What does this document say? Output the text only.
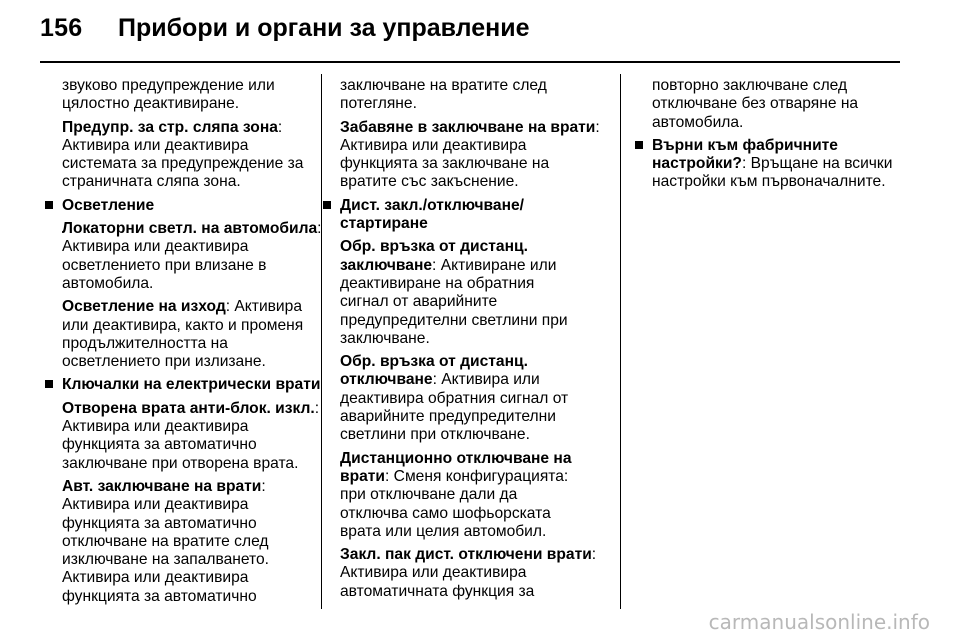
156 Прибори и органи за управление
звуково предупреждение или
цялостно деактивиране.
Предупр. за стр. сляпа зона:
Активира или деактивира
системата за предупреждение за
страничната сляпа зона.
Осветление
Локаторни светл. на автомобила:
Активира или деактивира
осветлението при влизане в
автомобила.
Осветление на изход: Активира
или деактивира, както и променя
продължителността на
осветлението при излизане.
Ключалки на електрически врати
Отворена врата анти-блок. изкл.:
Активира или деактивира
функцията за автоматично
заключване при отворена врата.
Авт. заключване на врати:
Активира или деактивира
функцията за автоматично
отключване на вратите след
изключване на запалването.
Активира или деактивира
функцията за автоматично
заключване на вратите след
потегляне.
Забавяне в заключване на врати:
Активира или деактивира
функцията за заключване на
вратите със закъснение.
Дист. закл./отключване/
стартиране
Обр. връзка от дистанц.
заключване: Активиране или
деактивиране на обратния
сигнал от аварийните
предупредителни светлини при
заключване.
Обр. връзка от дистанц.
отключване: Активира или
деактивира обратния сигнал от
аварийните предупредителни
светлини при отключване.
Дистанционно отключване на
врати: Сменя конфигурацията:
при отключване дали да
отключва само шофьорската
врата или целия автомобил.
Закл. пак дист. отключени врати:
Активира или деактивира
автоматичната функция за
повторно заключване след
отключване без отваряне на
автомобила.
Върни към фабричните
настройки?: Връщане на всички
настройки към първоначалните.
carmanualsonline.info
